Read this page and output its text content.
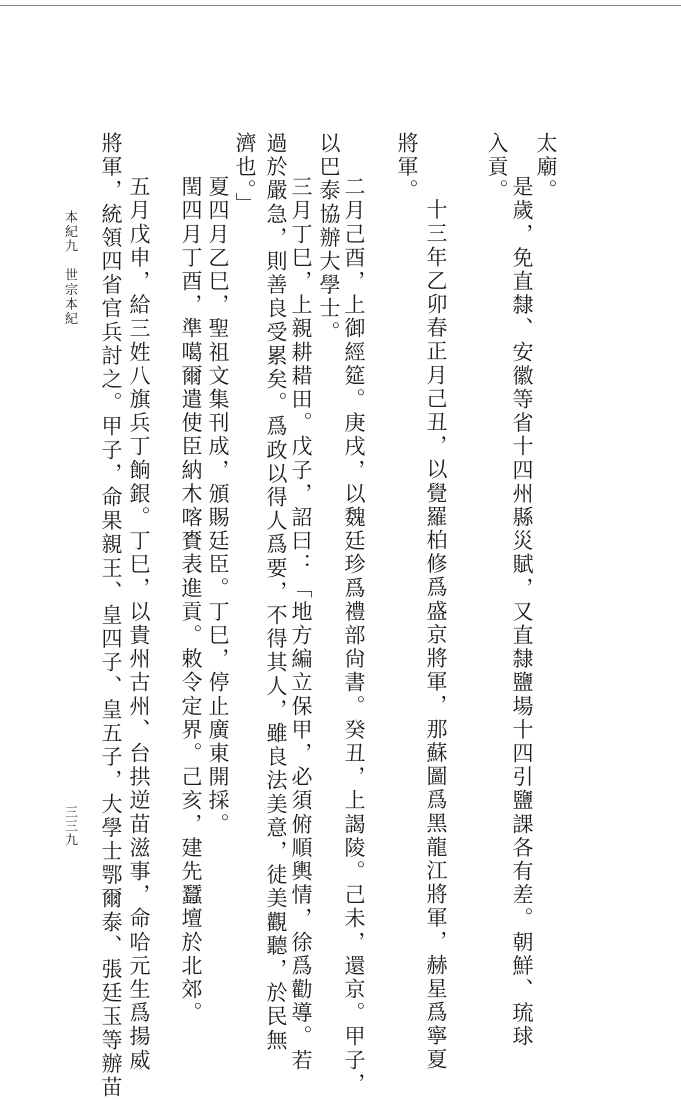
太廟。
　是歲，免直隸、安徽等省十四州縣災賦，又直隸鹽場十四引鹽課各有差。朝鮮、琉球
入貢。
　十三年乙卯春正月己丑，以覺羅柏修爲盛京將軍，那蘇圖爲黑龍江將軍，赫星爲寧夏
將軍。
　二月己酉，上御經筵。庚戌，以魏廷珍爲禮部尙書。癸丑，上謁陵。己未，還京。甲子，
以巴泰協辦大學士。
　三月丁巳，上親耕耤田。戊子，詔曰：「地方編立保甲，必須俯順輿情，徐爲勸導。若
過於嚴急，則善良受累矣。爲政以得人爲要，不得其人，雖良法美意，徒美觀聽，於民無
濟也。」
　夏四月乙巳，聖祖文集刊成，頒賜廷臣。丁巳，停止廣東開採。
　閏四月丁酉，準噶爾遣使臣納木喀賚表進貢。敕令定界。己亥，建先蠶壇於北郊。
　五月戊申，給三姓八旗兵丁餉銀。丁巳，以貴州古州、台拱逆苗滋事，命哈元生爲揚威
將軍，統領四省官兵討之。甲子，命果親王、皇四子、皇五子，大學士鄂爾泰、張廷玉等辦苗
本紀九　世宗本紀
三三九
